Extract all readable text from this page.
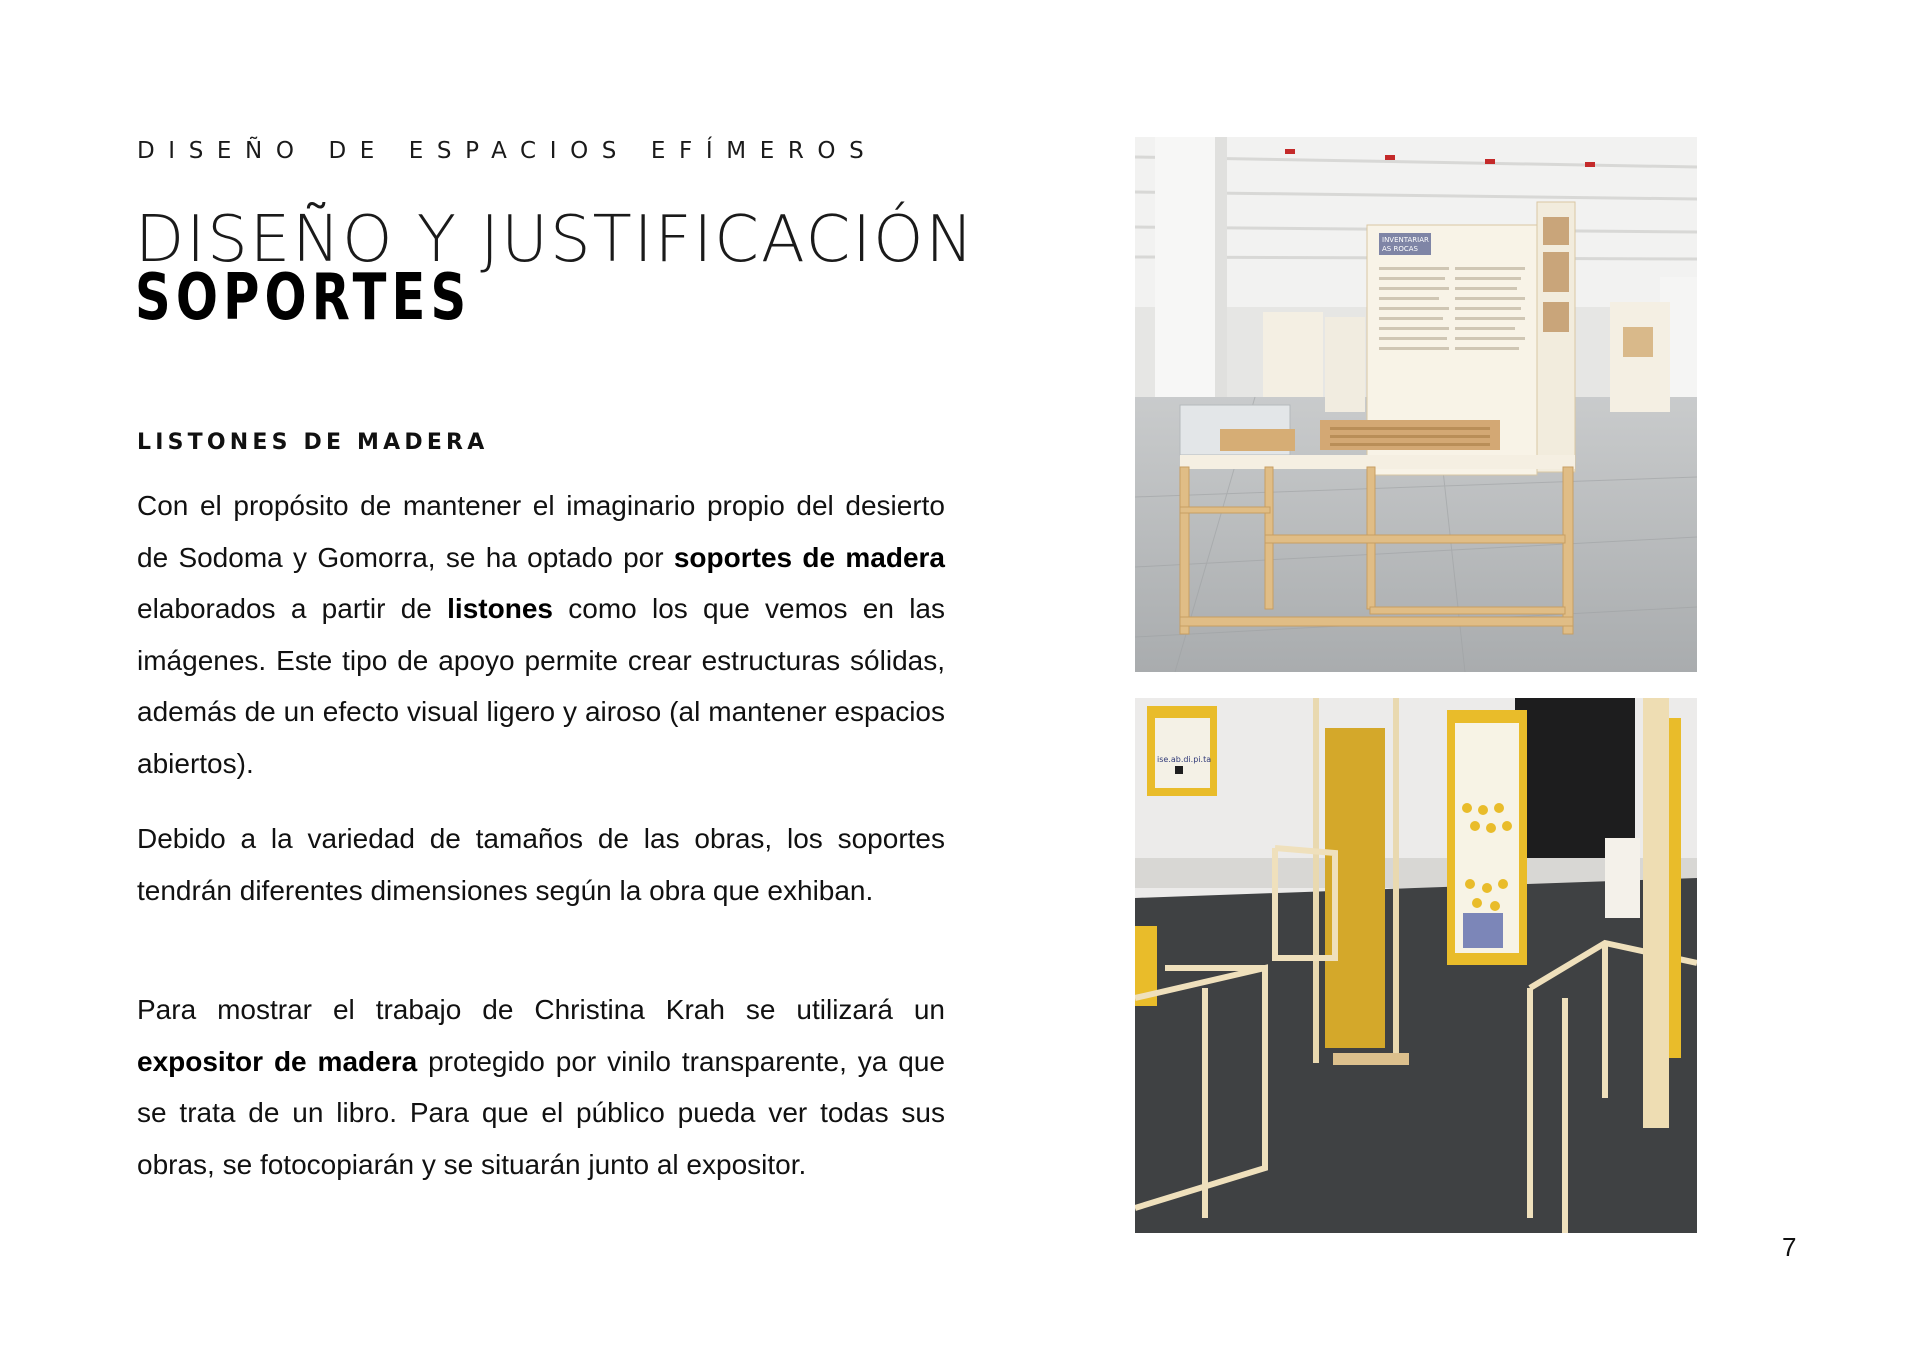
DISEÑO DE ESPACIOS EFÍMEROS
DISEÑO Y JUSTIFICACIÓN
SOPORTES
LISTONES DE MADERA

Con el propósito de mantener el imaginario propio del desierto de Sodoma y Gomorra, se ha optado por soportes de madera elaborados a partir de listones como los que vemos en las imágenes. Este tipo de apoyo permite crear estructuras sólidas, además de un efecto visual ligero y airoso (al mantener espacios abiertos).

Debido a la variedad de tamaños de las obras, los soportes tendrán diferentes dimensiones según la obra que exhiban.

Para mostrar el trabajo de Christina Krah se utilizará un expositor de madera protegido por vinilo transparente, ya que se trata de un libro. Para que el público pueda ver todas sus obras, se fotocopiarán y se situarán junto al expositor.

INVENTARIAR
AS ROCAS
ise.ab.di.pi.ta
7
